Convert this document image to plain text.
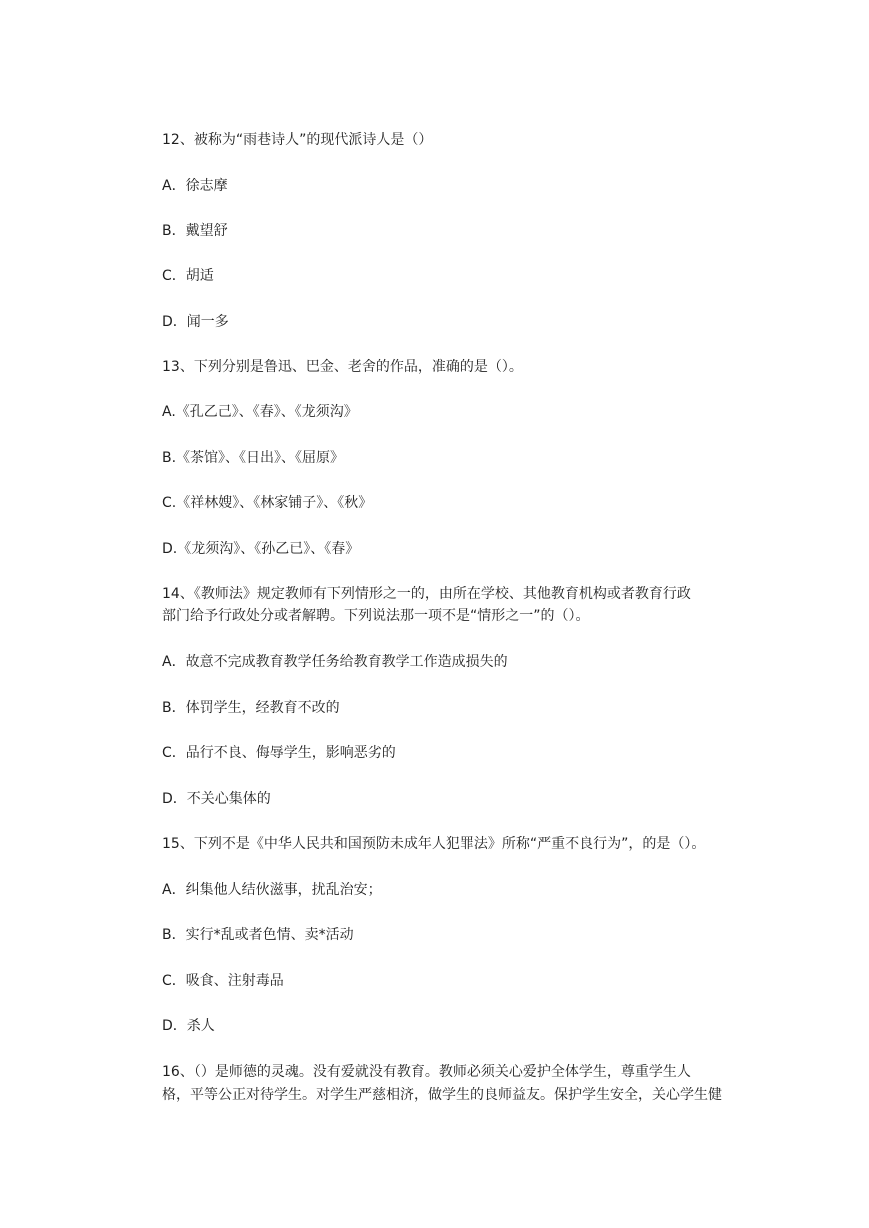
12、被称为“雨巷诗人”的现代派诗人是（）
A．徐志摩
B．戴望舒
C．胡适
D．闻一多
13、下列分别是鲁迅、巴金、老舍的作品，准确的是（）。
A.《孔乙己》、《春》、《龙须沟》
B.《茶馆》、《日出》、《屈原》
C.《祥林嫂》、《林家铺子》、《秋》
D.《龙须沟》、《孙乙已》、《春》
14、《教师法》规定教师有下列情形之一的，由所在学校、其他教育机构或者教育行政
部门给予行政处分或者解聘。下列说法那一项不是“情形之一”的（）。
A．故意不完成教育教学任务给教育教学工作造成损失的
B．体罚学生，经教育不改的
C．品行不良、侮辱学生，影响恶劣的
D．不关心集体的
15、下列不是《中华人民共和国预防未成年人犯罪法》所称“严重不良行为”，的是（）。
A．纠集他人结伙滋事，扰乱治安；
B．实行*乱或者色情、卖*活动
C．吸食、注射毒品
D．杀人
16、（）是师德的灵魂。没有爱就没有教育。教师必须关心爱护全体学生，尊重学生人
格，平等公正对待学生。对学生严慈相济，做学生的良师益友。保护学生安全，关心学生健
